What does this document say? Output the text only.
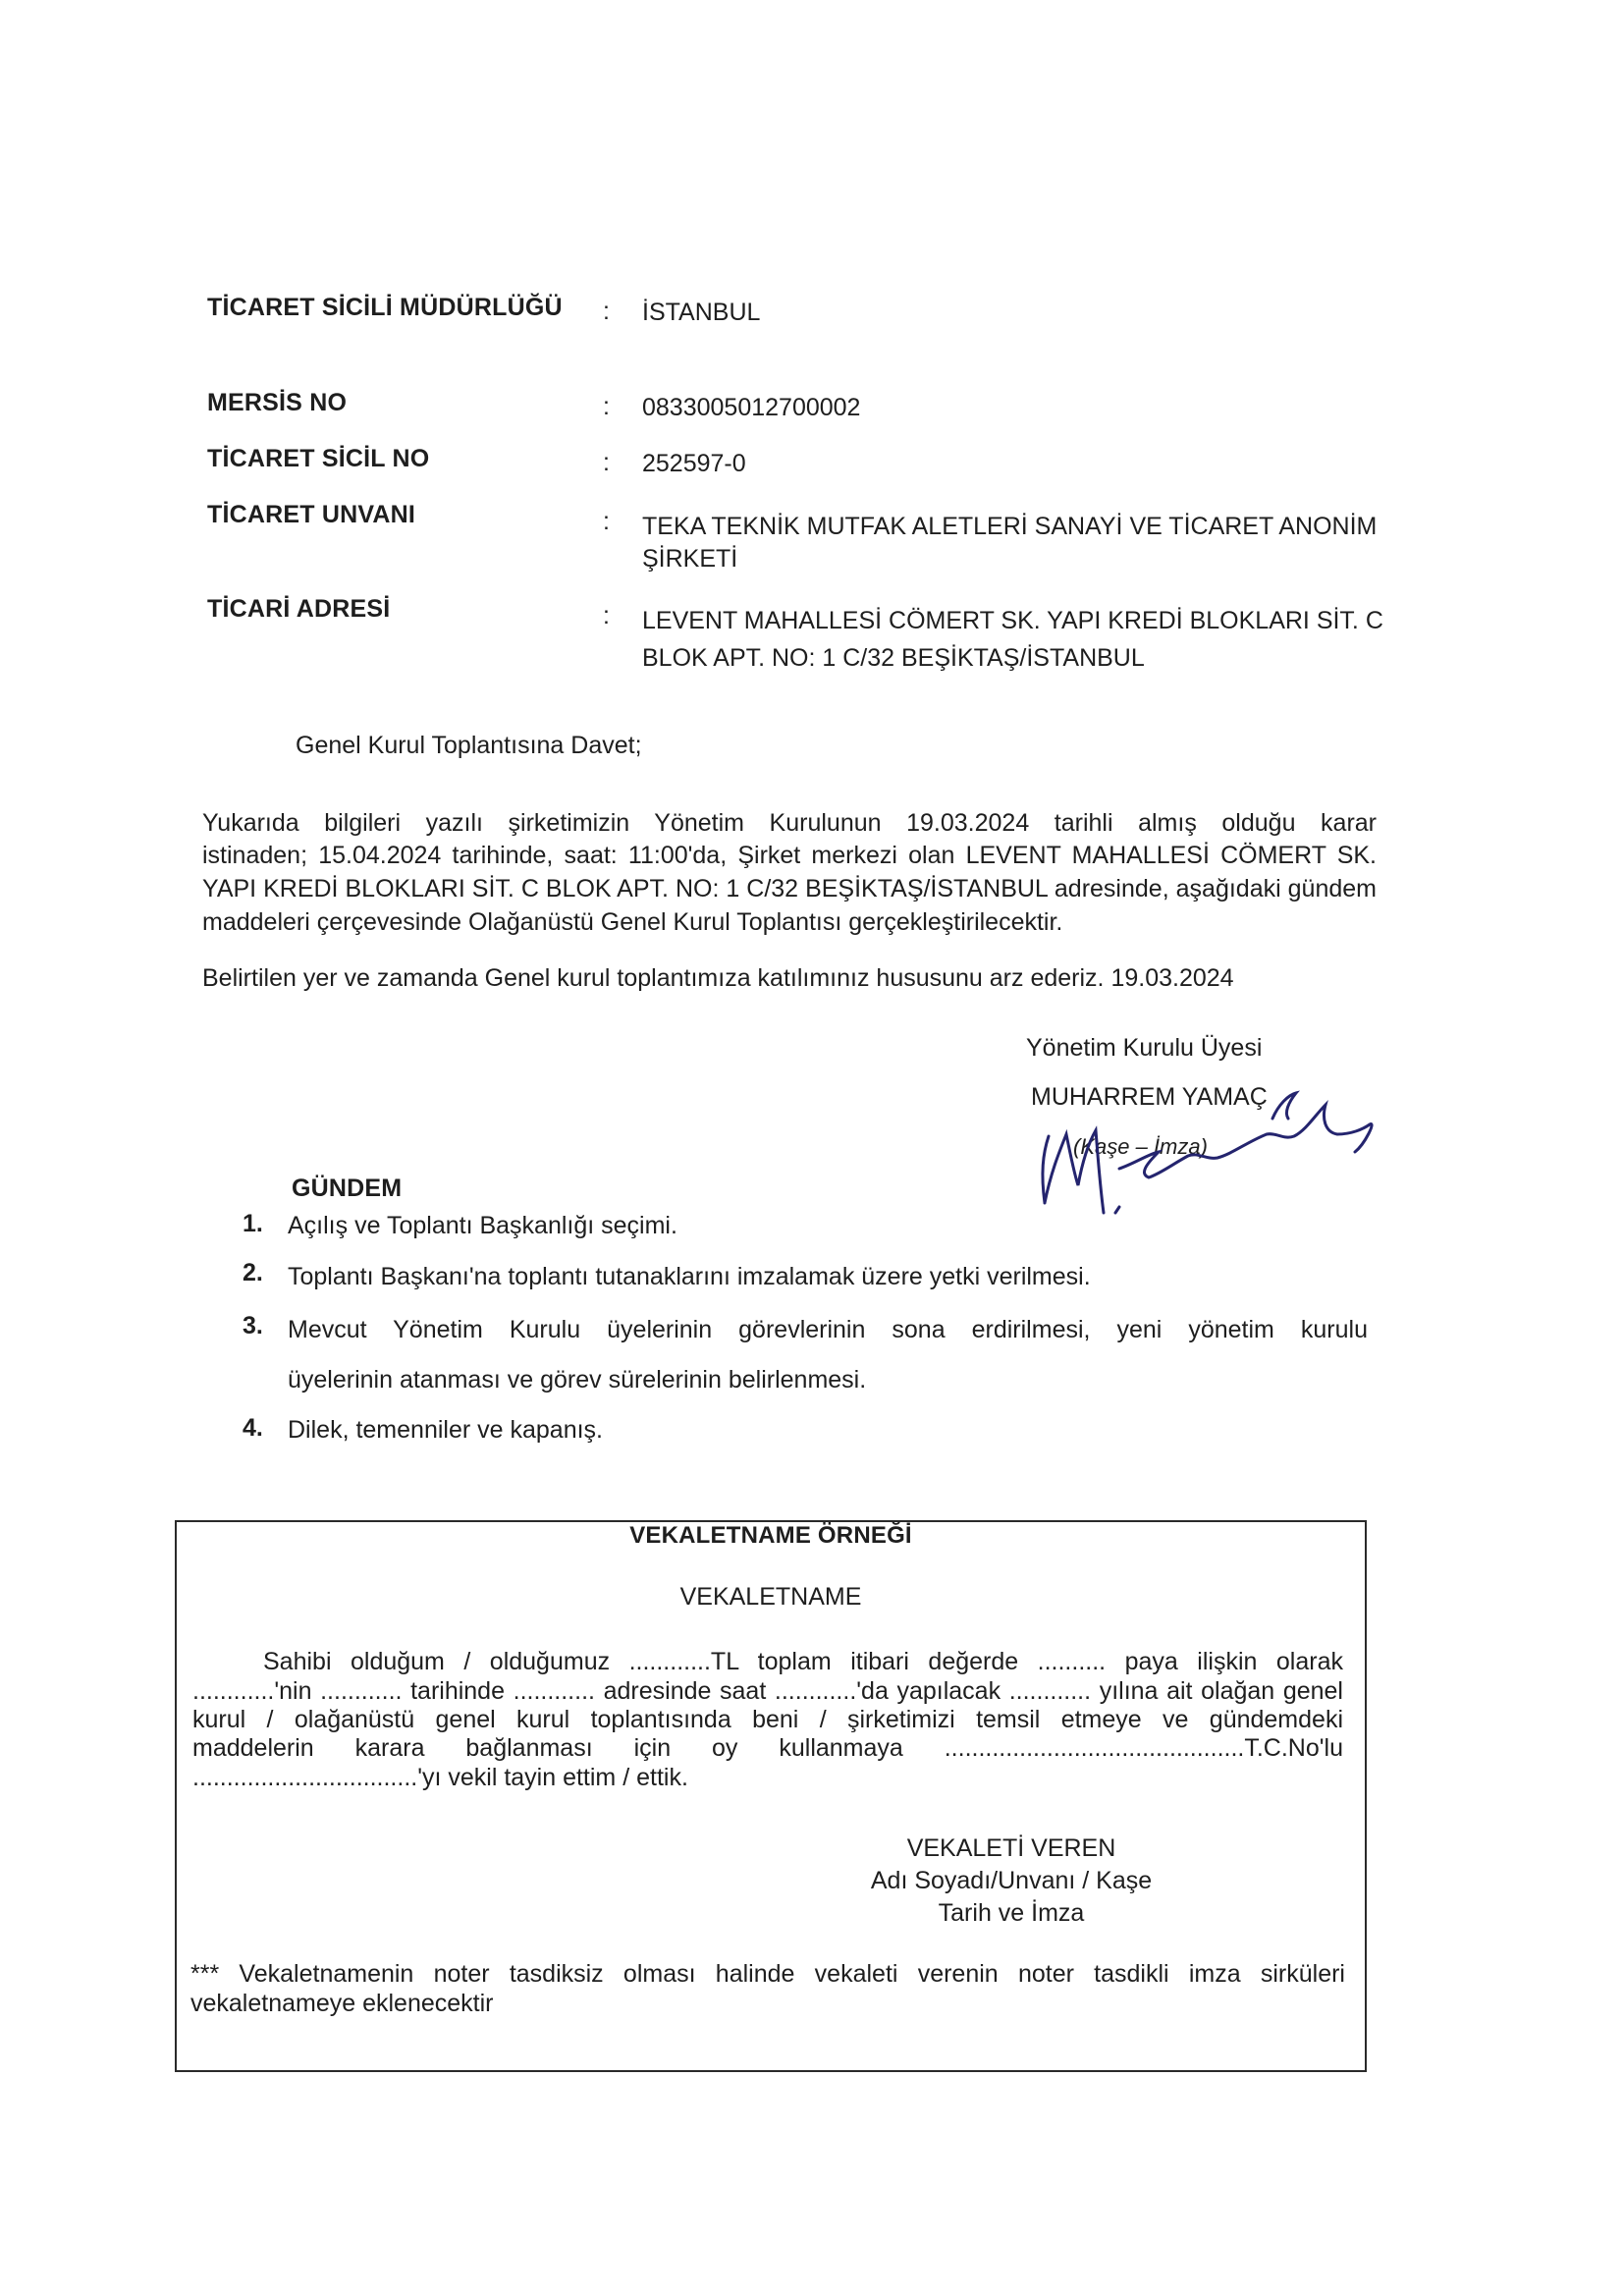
TİCARET SİCİLİ MÜDÜRLÜĞÜ : İSTANBUL
MERSİS NO	: 0833005012700002
TİCARET SİCİL NO	: 252597-0
TİCARET UNVANI	: TEKA TEKNİK MUTFAK ALETLERİ SANAYİ VE TİCARET ANONİM
ŞİRKETİ
TİCARİ ADRESİ	: LEVENT MAHALLESİ CÖMERT SK. YAPI KREDİ BLOKLARI SİT. C
BLOK APT. NO: 1 C/32 BEŞİKTAŞ/İSTANBUL
Genel Kurul Toplantısına Davet;
Yukarıda bilgileri yazılı şirketimizin Yönetim Kurulunun 19.03.2024 tarihli almış olduğu karar
istinaden; 15.04.2024 tarihinde, saat: 11:00'da, Şirket merkezi olan LEVENT MAHALLESİ CÖMERT SK.
YAPI KREDİ BLOKLARI SİT. C BLOK APT. NO: 1 C/32 BEŞİKTAŞ/İSTANBUL adresinde, aşağıdaki gündem
maddeleri çerçevesinde Olağanüstü Genel Kurul Toplantısı gerçekleştirilecektir.
Belirtilen yer ve zamanda Genel kurul toplantımıza katılımınız hususunu arz ederiz. 19.03.2024
Yönetim Kurulu Üyesi
MUHARREM YAMAÇ
(Kaşe – İmza)
GÜNDEM
1. Açılış ve Toplantı Başkanlığı seçimi.
2. Toplantı Başkanı'na toplantı tutanaklarını imzalamak üzere yetki verilmesi.
3. Mevcut Yönetim Kurulu üyelerinin görevlerinin sona erdirilmesi, yeni yönetim kurulu
üyelerinin atanması ve görev sürelerinin belirlenmesi.
4. Dilek, temenniler ve kapanış.
VEKALETNAME ÖRNEĞİ
VEKALETNAME
Sahibi olduğum / olduğumuz ............TL toplam itibari değerde .......... paya ilişkin olarak
............'nin ............ tarihinde ............ adresinde saat ............'da yapılacak ............ yılına ait olağan genel
kurul / olağanüstü genel kurul toplantısında beni / şirketimizi temsil etmeye ve gündemdeki
maddelerin karara bağlanması için oy kullanmaya ............................................T.C.No'lu
.................................'yı vekil tayin ettim / ettik.
VEKALETİ VEREN
Adı Soyadı/Unvanı / Kaşe
Tarih ve İmza
*** Vekaletnamenin noter tasdiksiz olması halinde vekaleti verenin noter tasdikli imza sirküleri
vekaletnameye eklenecektir
